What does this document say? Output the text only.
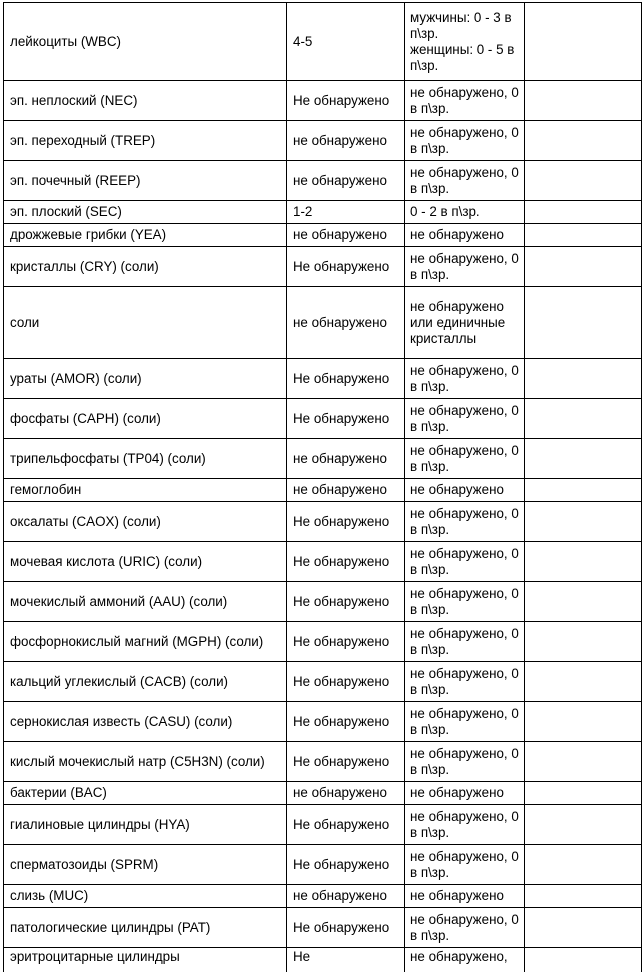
лейкоциты (WBC)	4-5	мужчины: 0 - 3 в п\зр.
женщины: 0 - 5 в п\зр.	
эп. неплоский (NEC)	Не обнаружено	не обнаружено, 0 в п\зр.	
эп. переходный (TREP)	не обнаружено	не обнаружено, 0 в п\зр.	
эп. почечный (REEP)	не обнаружено	не обнаружено, 0 в п\зр.	
эп. плоский (SEC)	1-2	0 - 2 в п\зр.	
дрожжевые грибки (YEA)	не обнаружено	не обнаружено	
кристаллы (CRY) (соли)	Не обнаружено	не обнаружено, 0 в п\зр.	
соли	не обнаружено	не обнаружено или единичные кристаллы	
ураты (AMOR) (соли)	Не обнаружено	не обнаружено, 0 в п\зр.	
фосфаты (CAPH) (соли)	Не обнаружено	не обнаружено, 0 в п\зр.	
трипельфосфаты (TP04) (соли)	не обнаружено	не обнаружено, 0 в п\зр.	
гемоглобин	не обнаружено	не обнаружено	
оксалаты (CAOX) (соли)	Не обнаружено	не обнаружено, 0 в п\зр.	
мочевая кислота (URIC) (соли)	Не обнаружено	не обнаружено, 0 в п\зр.	
мочекислый аммоний (AAU) (соли)	Не обнаружено	не обнаружено, 0 в п\зр.	
фосфорнокислый магний (MGPH) (соли)	Не обнаружено	не обнаружено, 0 в п\зр.	
кальций углекислый (CACB) (соли)	Не обнаружено	не обнаружено, 0 в п\зр.	
сернокислая известь (CASU) (соли)	Не обнаружено	не обнаружено, 0 в п\зр.	
кислый мочекислый натр (C5H3N) (соли)	Не обнаружено	не обнаружено, 0 в п\зр.	
бактерии (BAC)	не обнаружено	не обнаружено	
гиалиновые цилиндры (HYA)	Не обнаружено	не обнаружено, 0 в п\зр.	
сперматозоиды (SPRM)	Не обнаружено	не обнаружено, 0 в п\зр.	
слизь (MUC)	не обнаружено	не обнаружено	
патологические цилиндры (PAT)	Не обнаружено	не обнаружено, 0 в п\зр.	
эритроцитарные цилиндры	Не	не обнаружено,	
